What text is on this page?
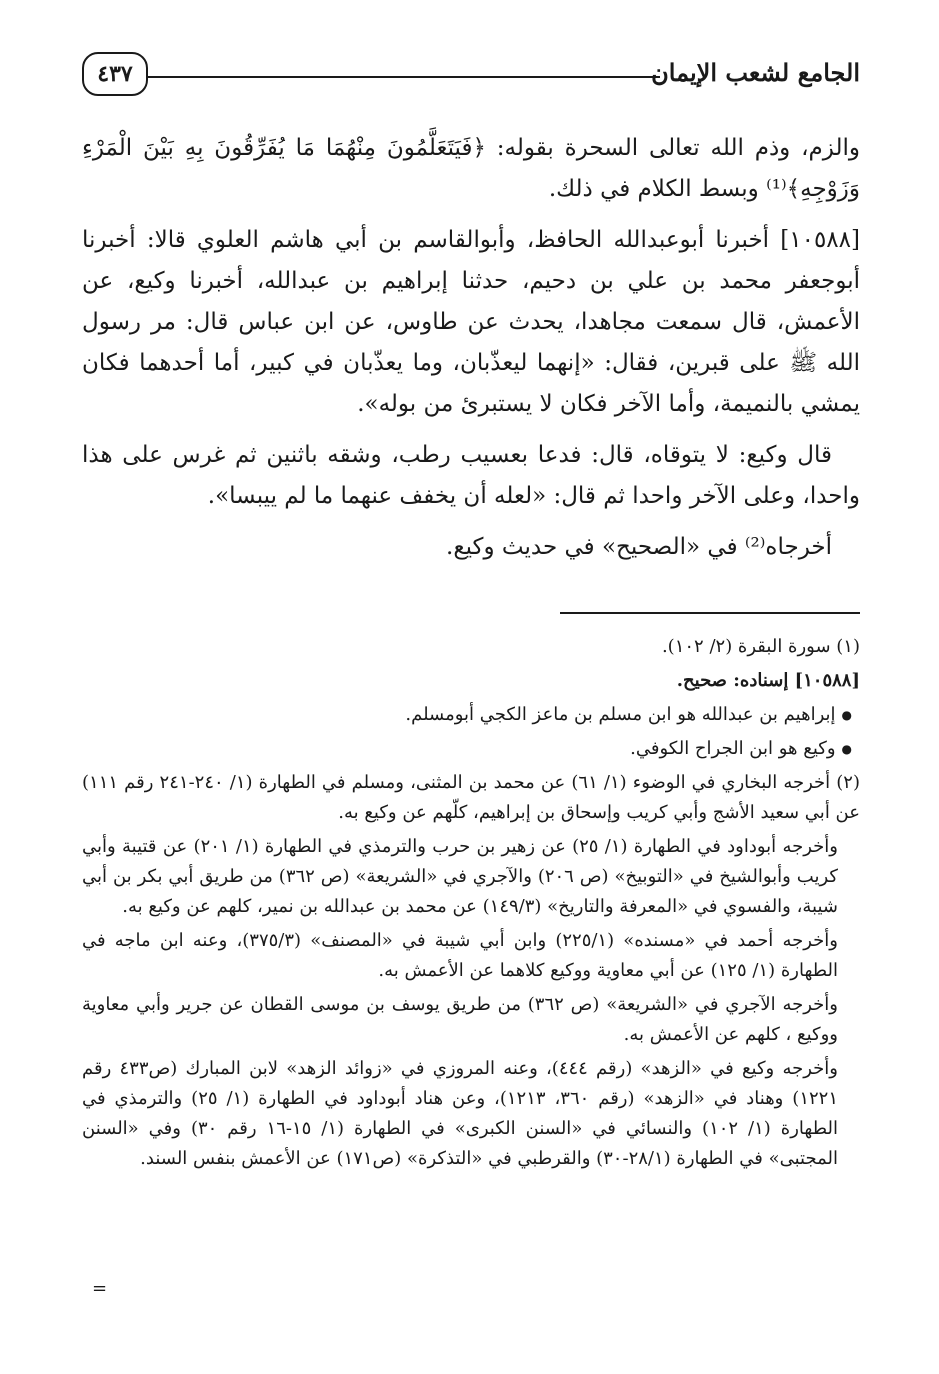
الجامع لشعب الإيمان
٤٣٧

والزم، وذم الله تعالى السحرة بقوله: ﴿فَيَتَعَلَّمُونَ مِنْهُمَا مَا يُفَرِّقُونَ بِهِ بَيْنَ الْمَرْءِ وَزَوْجِهِ﴾⁽¹⁾ وبسط الكلام في ذلك.

[١٠٥٨٨] أخبرنا أبوعبدالله الحافظ، وأبوالقاسم بن أبي هاشم العلوي قالا: أخبرنا أبوجعفر محمد بن علي بن دحيم، حدثنا إبراهيم بن عبدالله، أخبرنا وكيع، عن الأعمش، قال سمعت مجاهدا، يحدث عن طاوس، عن ابن عباس قال: مر رسول الله ﷺ على قبرين، فقال: «إنهما ليعذّبان، وما يعذّبان في كبير، أما أحدهما فكان يمشي بالنميمة، وأما الآخر فكان لا يستبرئ من بوله».

قال وكيع: لا يتوقاه، قال: فدعا بعسيب رطب، وشقه باثنين ثم غرس على هذا واحدا، وعلى الآخر واحدا ثم قال: «لعله أن يخفف عنهما ما لم ييبسا».

أخرجاه⁽²⁾ في «الصحيح» في حديث وكيع.

(١) سورة البقرة (٢/ ١٠٢).

[١٠٥٨٨] إسناده: صحيح.

● إبراهيم بن عبدالله هو ابن مسلم بن ماعز الكجي أبومسلم.

● وكيع هو ابن الجراح الكوفي.

(٢) أخرجه البخاري في الوضوء (١/ ٦١) عن محمد بن المثنى، ومسلم في الطهارة (١/ ٢٤٠-٢٤١ رقم ١١١) عن أبي سعيد الأشج وأبي كريب وإسحاق بن إبراهيم، كلّهم عن وكيع به.

وأخرجه أبوداود في الطهارة (١/ ٢٥) عن زهير بن حرب والترمذي في الطهارة (١/ ٢٠١) عن قتيبة وأبي كريب وأبوالشيخ في «التوبيخ» (ص ٢٠٦) والآجري في «الشريعة» (ص ٣٦٢) من طريق أبي بكر بن أبي شيبة، والفسوي في «المعرفة والتاريخ» (١٤٩/٣) عن محمد بن عبدالله بن نمير، كلهم عن وكيع به.

وأخرجه أحمد في «مسنده» (٢٢٥/١) وابن أبي شيبة في «المصنف» (٣٧٥/٣)، وعنه ابن ماجه في الطهارة (١/ ١٢٥) عن أبي معاوية ووكيع كلاهما عن الأعمش به.

وأخرجه الآجري في «الشريعة» (ص ٣٦٢) من طريق يوسف بن موسى القطان عن جرير وأبي معاوية ووكيع ، كلهم عن الأعمش به.

وأخرجه وكيع في «الزهد» (رقم ٤٤٤)، وعنه المروزي في «زوائد الزهد» لابن المبارك (ص٤٣٣ رقم ١٢٢١) وهناد في «الزهد» (رقم ٣٦٠، ١٢١٣)، وعن هناد أبوداود في الطهارة (١/ ٢٥) والترمذي في الطهارة (١/ ١٠٢) والنسائي في «السنن الكبرى» في الطهارة (١/ ١٥-١٦ رقم ٣٠) وفي «السنن المجتبى» في الطهارة (٢٨/١-٣٠) والقرطبي في «التذكرة» (ص١٧١) عن الأعمش بنفس السند.

=
